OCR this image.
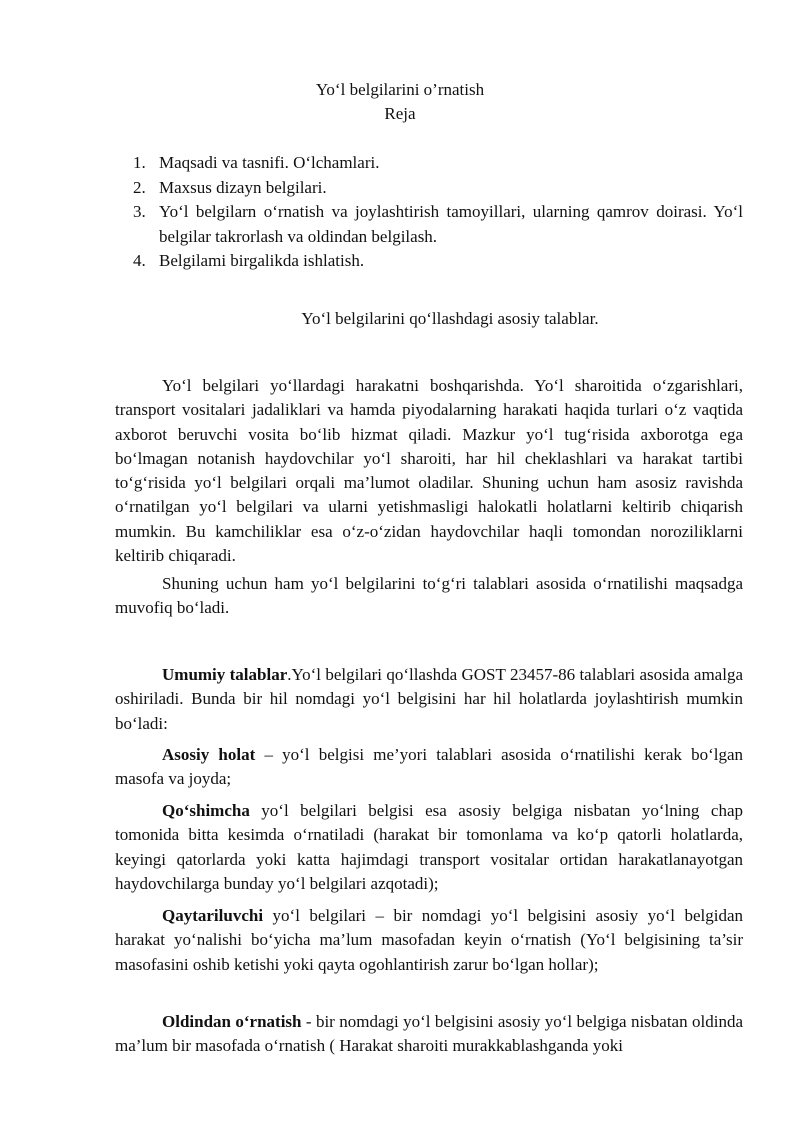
Yo‘l belgilarini o’rnatish
Reja
1. Maqsadi va tasnifi. O‘lchamlari.
2. Maxsus dizayn belgilari.
3. Yo‘l belgilarn o‘rnatish va joylashtirish tamoyillari, ularning qamrov doirasi. Yo‘l belgilar takrorlash va oldindan belgilash.
4. Belgilami birgalikda ishlatish.
Yo‘l belgilarini qo‘llashdagi asosiy talablar.

Yo‘l belgilari yo‘llardagi harakatni boshqarishda. Yo‘l sharoitida o‘zgarishlari, transport vositalari jadaliklari va hamda piyodalarning harakati haqida turlari o‘z vaqtida axborot beruvchi vosita bo‘lib hizmat qiladi. Mazkur yo‘l tug‘risida axborotga ega bo‘lmagan notanish haydovchilar yo‘l sharoiti, har hil cheklashlari va harakat tartibi to‘g‘risida yo‘l belgilari orqali ma’lumot oladilar. Shuning uchun ham asosiz ravishda o‘rnatilgan yo‘l belgilari va ularni yetishmasligi halokatli holatlarni keltirib chiqarish mumkin. Bu kamchiliklar esa o‘z-o‘zidan haydovchilar haqli tomondan noroziliklarni keltirib chiqaradi.

Shuning uchun ham yo‘l belgilarini to‘g‘ri talablari asosida o‘rnatilishi maqsadga muvofiq bo‘ladi.

Umumiy talablar.Yo‘l belgilari qo‘llashda GOST 23457-86 talablari asosida amalga oshiriladi. Bunda bir hil nomdagi yo‘l belgisini har hil holatlarda joylashtirish mumkin bo‘ladi:

Asosiy holat – yo‘l belgisi me’yori talablari asosida o‘rnatilishi kerak bo‘lgan masofa va joyda;

Qo‘shimcha yo‘l belgilari belgisi esa asosiy belgiga nisbatan yo‘lning chap tomonida bitta kesimda o‘rnatiladi (harakat bir tomonlama va ko‘p qatorli holatlarda, keyingi qatorlarda yoki katta hajimdagi transport vositalar ortidan harakatlanayotgan haydovchilarga bunday yo‘l belgilari azqotadi);

Qaytariluvchi yo‘l belgilari – bir nomdagi yo‘l belgisini asosiy yo‘l belgidan harakat yo‘nalishi bo‘yicha ma’lum masofadan keyin o‘rnatish (Yo‘l belgisining ta’sir masofasini oshib ketishi yoki qayta ogohlantirish zarur bo‘lgan hollar);

Oldindan o‘rnatish - bir nomdagi yo‘l belgisini asosiy yo‘l belgiga nisbatan oldinda ma’lum bir masofada o‘rnatish ( Harakat sharoiti murakkablashganda yoki
